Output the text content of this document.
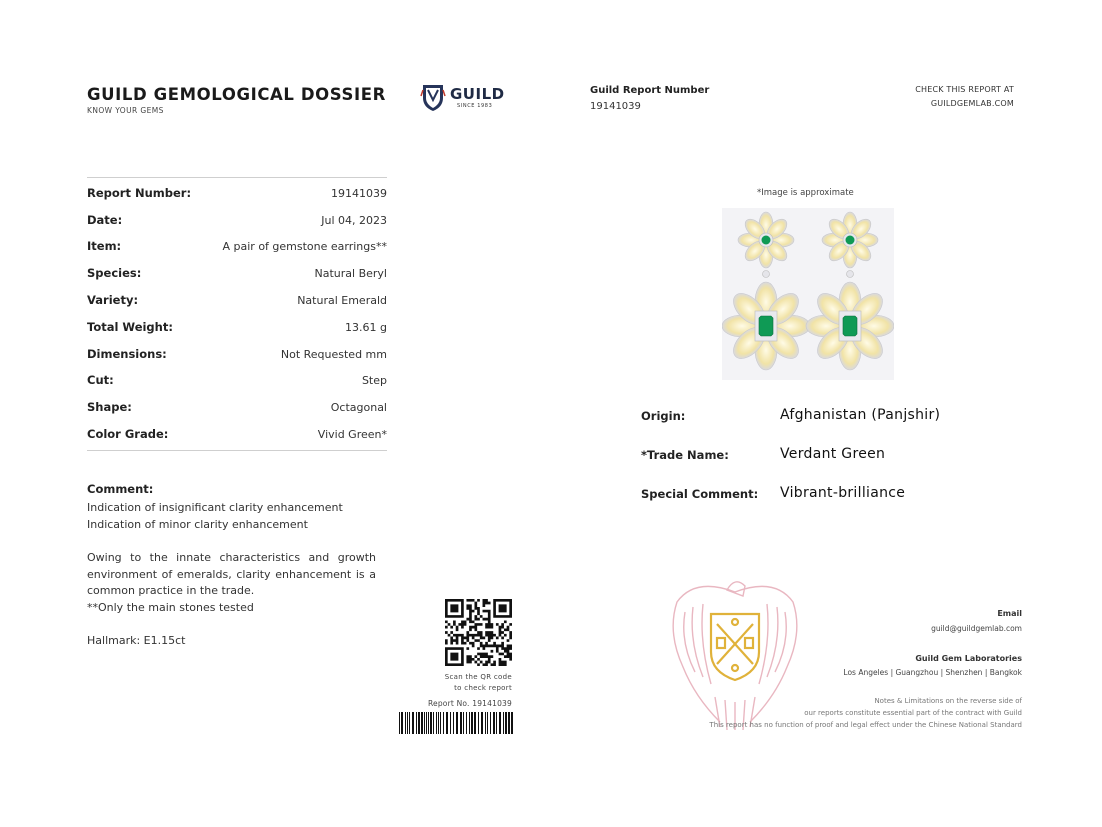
GUILD GEMOLOGICAL DOSSIER
KNOW YOUR GEMS
GUILD
SINCE 1983
Guild Report Number
19141039
CHECK THIS REPORT AT
GUILDGEMLAB.COM
Report Number:	19141039
Date:	Jul 04, 2023
Item:	A pair of gemstone earrings**
Species:	Natural Beryl
Variety:	Natural Emerald
Total Weight:	13.61 g
Dimensions:	Not Requested mm
Cut:	Step
Shape:	Octagonal
Color Grade:	Vivid Green*
Comment:
Indication of insignificant clarity enhancement
Indication of minor clarity enhancement
Owing to the innate characteristics and growth environment of emeralds, clarity enhancement is a common practice in the trade.
**Only the main stones tested
Hallmark: E1.15ct
*Image is approximate
Origin:	Afghanistan (Panjshir)
*Trade Name:	Verdant Green
Special Comment: Vibrant-brilliance
Scan the QR code
to check report
Report No. 19141039
Email
guild@guildgemlab.com
Guild Gem Laboratories
Los Angeles | Guangzhou | Shenzhen | Bangkok
Notes & Limitations on the reverse side of
our reports constitute essential part of the contract with Guild
This report has no function of proof and legal effect under the Chinese National Standard
